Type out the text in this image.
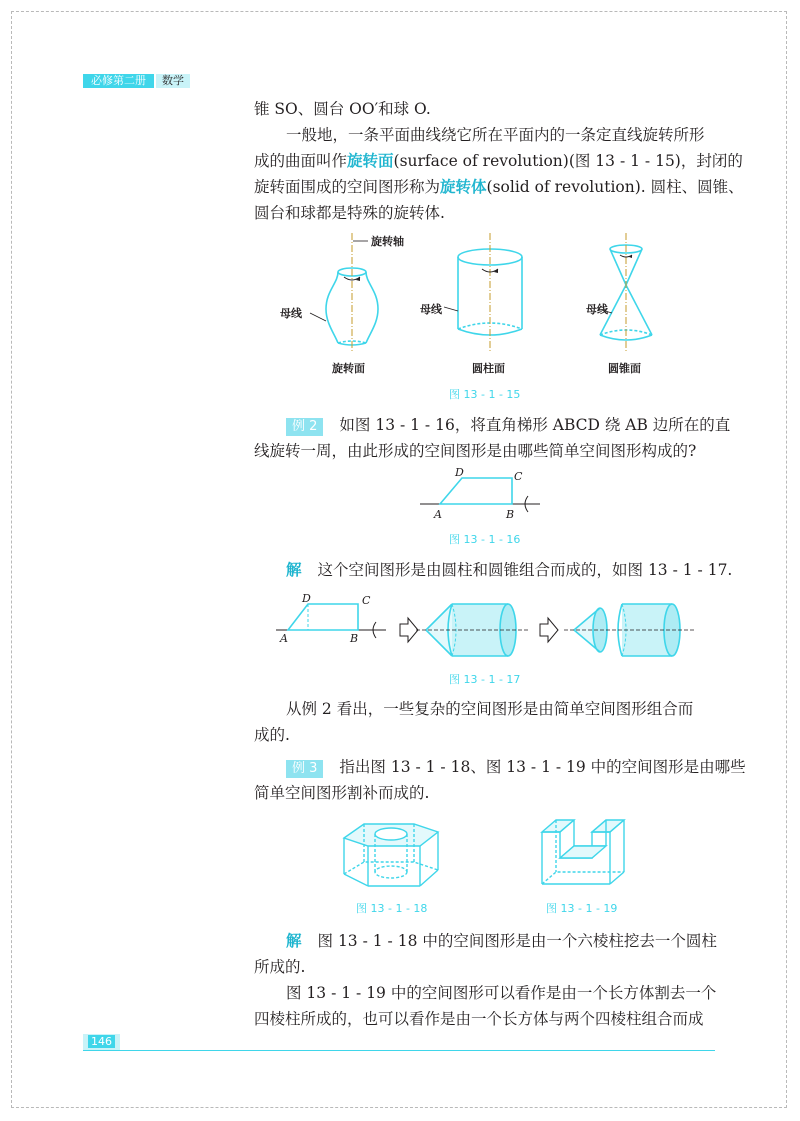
必修第二册	数学
锥 SO、圆台 OO′和球 O.
一般地，一条平面曲线绕它所在平面内的一条定直线旋转所形
成的曲面叫作旋转面(surface of revolution)(图 13 - 1 - 15)，封闭的
旋转面围成的空间图形称为旋转体(solid of revolution). 圆柱、圆锥、
圆台和球都是特殊的旋转体.
旋转轴
母线
旋转面
母线
圆柱面
母线
圆锥面
图 13 - 1 - 15
例 2 如图 13 - 1 - 16，将直角梯形 ABCD 绕 AB 边所在的直
线旋转一周，由此形成的空间图形是由哪些简单空间图形构成的?
D	C
A	B
图 13 - 1 - 16
解 这个空间图形是由圆柱和圆锥组合而成的，如图 13 - 1 - 17.
D	C
A	B
图 13 - 1 - 17
从例 2 看出，一些复杂的空间图形是由简单空间图形组合而
成的.
例 3 指出图 13 - 1 - 18、图 13 - 1 - 19 中的空间图形是由哪些
简单空间图形割补而成的.
图 13 - 1 - 18	图 13 - 1 - 19
解 图 13 - 1 - 18 中的空间图形是由一个六棱柱挖去一个圆柱
所成的.
图 13 - 1 - 19 中的空间图形可以看作是由一个长方体割去一个
四棱柱所成的，也可以看作是由一个长方体与两个四棱柱组合而成
146
